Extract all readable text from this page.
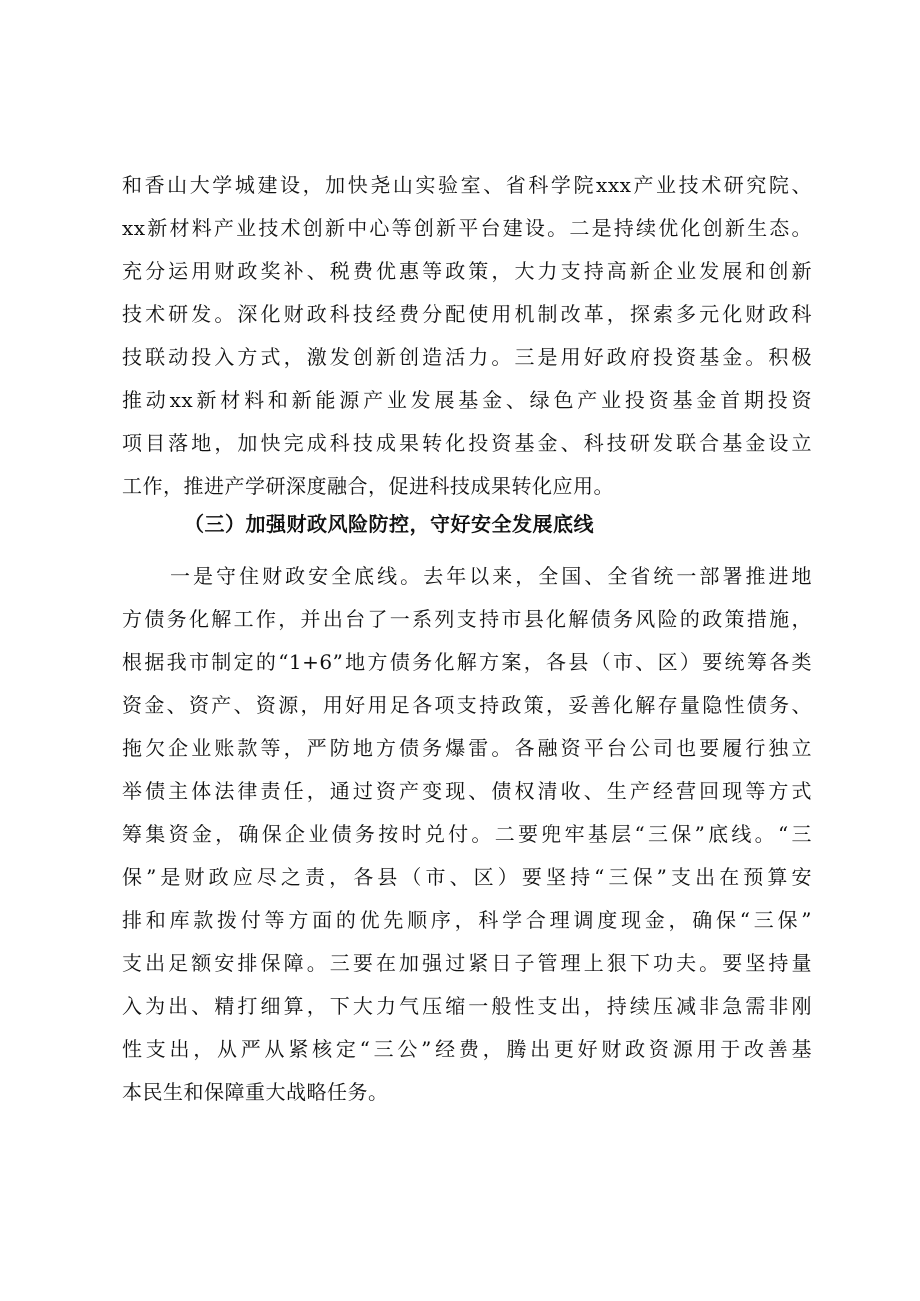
和香山大学城建设，加快尧山实验室、省科学院xxx产业技术研究院、
xx新材料产业技术创新中心等创新平台建设。二是持续优化创新生态。
充分运用财政奖补、税费优惠等政策，大力支持高新企业发展和创新
技术研发。深化财政科技经费分配使用机制改革，探索多元化财政科
技联动投入方式，激发创新创造活力。三是用好政府投资基金。积极
推动xx新材料和新能源产业发展基金、绿色产业投资基金首期投资
项目落地，加快完成科技成果转化投资基金、科技研发联合基金设立
工作，推进产学研深度融合，促进科技成果转化应用。
（三）加强财政风险防控，守好安全发展底线
一是守住财政安全底线。去年以来，全国、全省统一部署推进地
方债务化解工作，并出台了一系列支持市县化解债务风险的政策措施，
根据我市制定的“1+6”地方债务化解方案，各县（市、区）要统筹各类
资金、资产、资源，用好用足各项支持政策，妥善化解存量隐性债务、
拖欠企业账款等，严防地方债务爆雷。各融资平台公司也要履行独立
举债主体法律责任，通过资产变现、债权清收、生产经营回现等方式
筹集资金，确保企业债务按时兑付。二要兜牢基层“三保”底线。“三
保”是财政应尽之责，各县（市、区）要坚持“三保”支出在预算安
排和库款拨付等方面的优先顺序，科学合理调度现金，确保“三保”
支出足额安排保障。三要在加强过紧日子管理上狠下功夫。要坚持量
入为出、精打细算，下大力气压缩一般性支出，持续压减非急需非刚
性支出，从严从紧核定“三公”经费，腾出更好财政资源用于改善基
本民生和保障重大战略任务。
